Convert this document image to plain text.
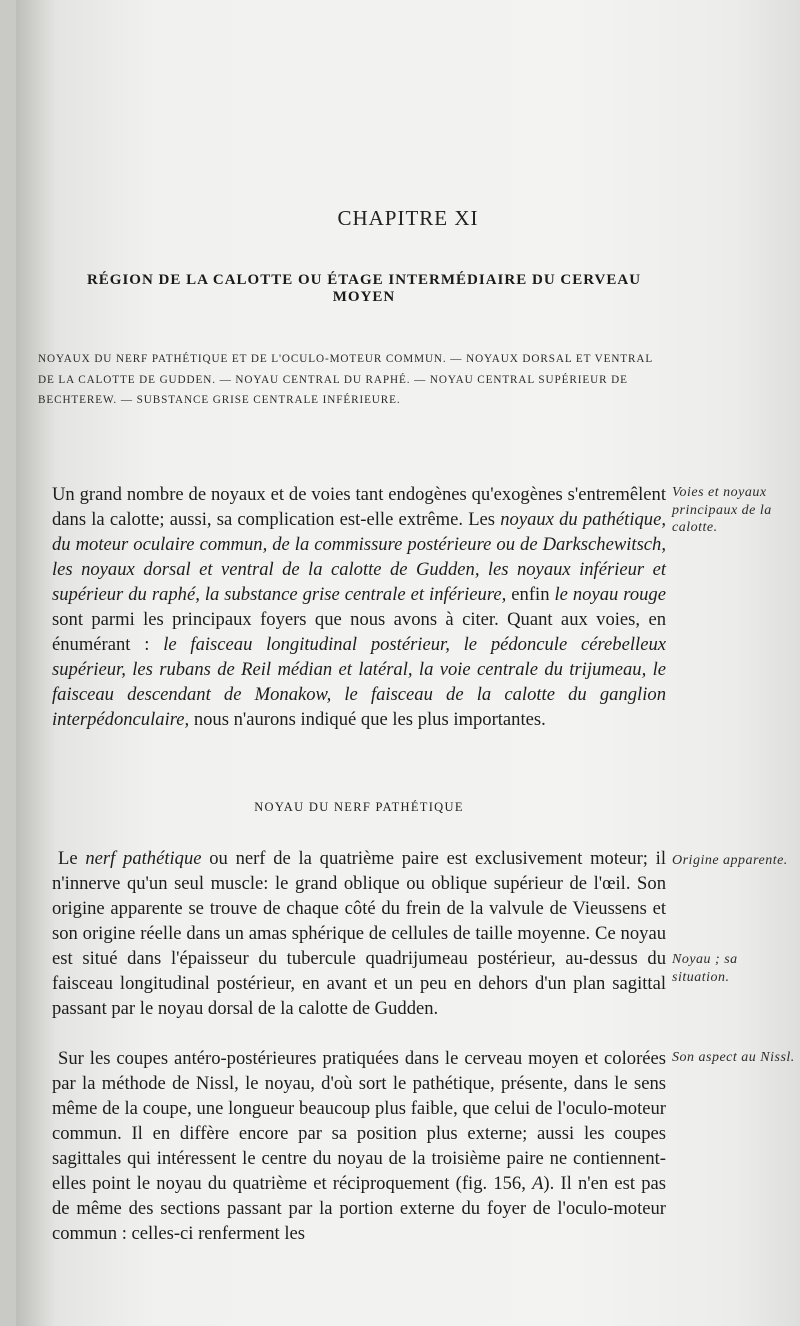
CHAPITRE XI
RÉGION DE LA CALOTTE OU ÉTAGE INTERMÉDIAIRE DU CERVEAU MOYEN

NOYAUX DU NERF PATHÉTIQUE ET DE L'OCULO-MOTEUR COMMUN. — NOYAUX DORSAL ET VENTRAL DE LA CALOTTE DE GUDDEN. — NOYAU CENTRAL DU RAPHÉ. — NOYAU CENTRAL SUPÉRIEUR DE BECHTEREW. — SUBSTANCE GRISE CENTRALE INFÉRIEURE.

Un grand nombre de noyaux et de voies tant endogènes qu'exogènes s'entremêlent dans la calotte; aussi, sa complication est-elle extrême. Les noyaux du pathétique, du moteur oculaire commun, de la commissure postérieure ou de Darkschewitsch, les noyaux dorsal et ventral de la calotte de Gudden, les noyaux inférieur et supérieur du raphé, la substance grise centrale et inférieure, enfin le noyau rouge sont parmi les principaux foyers que nous avons à citer. Quant aux voies, en énumérant : le faisceau longitudinal postérieur, le pédoncule cérebelleux supérieur, les rubans de Reil médian et latéral, la voie centrale du trijumeau, le faisceau descendant de Monakow, le faisceau de la calotte du ganglion interpédonculaire, nous n'aurons indiqué que les plus importantes.

NOYAU DU NERF PATHÉTIQUE

Le nerf pathétique ou nerf de la quatrième paire est exclusivement moteur; il n'innerve qu'un seul muscle: le grand oblique ou oblique supérieur de l'œil. Son origine apparente se trouve de chaque côté du frein de la valvule de Vieussens et son origine réelle dans un amas sphérique de cellules de taille moyenne. Ce noyau est situé dans l'épaisseur du tubercule quadrijumeau postérieur, au-dessus du faisceau longitudinal postérieur, en avant et un peu en dehors d'un plan sagittal passant par le noyau dorsal de la calotte de Gudden.

Sur les coupes antéro-postérieures pratiquées dans le cerveau moyen et colorées par la méthode de Nissl, le noyau, d'où sort le pathétique, présente, dans le sens même de la coupe, une longueur beaucoup plus faible, que celui de l'oculo-moteur commun. Il en diffère encore par sa position plus externe; aussi les coupes sagittales qui intéressent le centre du noyau de la troisième paire ne contiennent-elles point le noyau du quatrième et réciproquement (fig. 156, A). Il n'en est pas de même des sections passant par la portion externe du foyer de l'oculo-moteur commun : celles-ci renferment les

Voies et noyaux principaux de la calotte.

Origine apparente.

Noyau ; sa situation.

Son aspect au Nissl.
